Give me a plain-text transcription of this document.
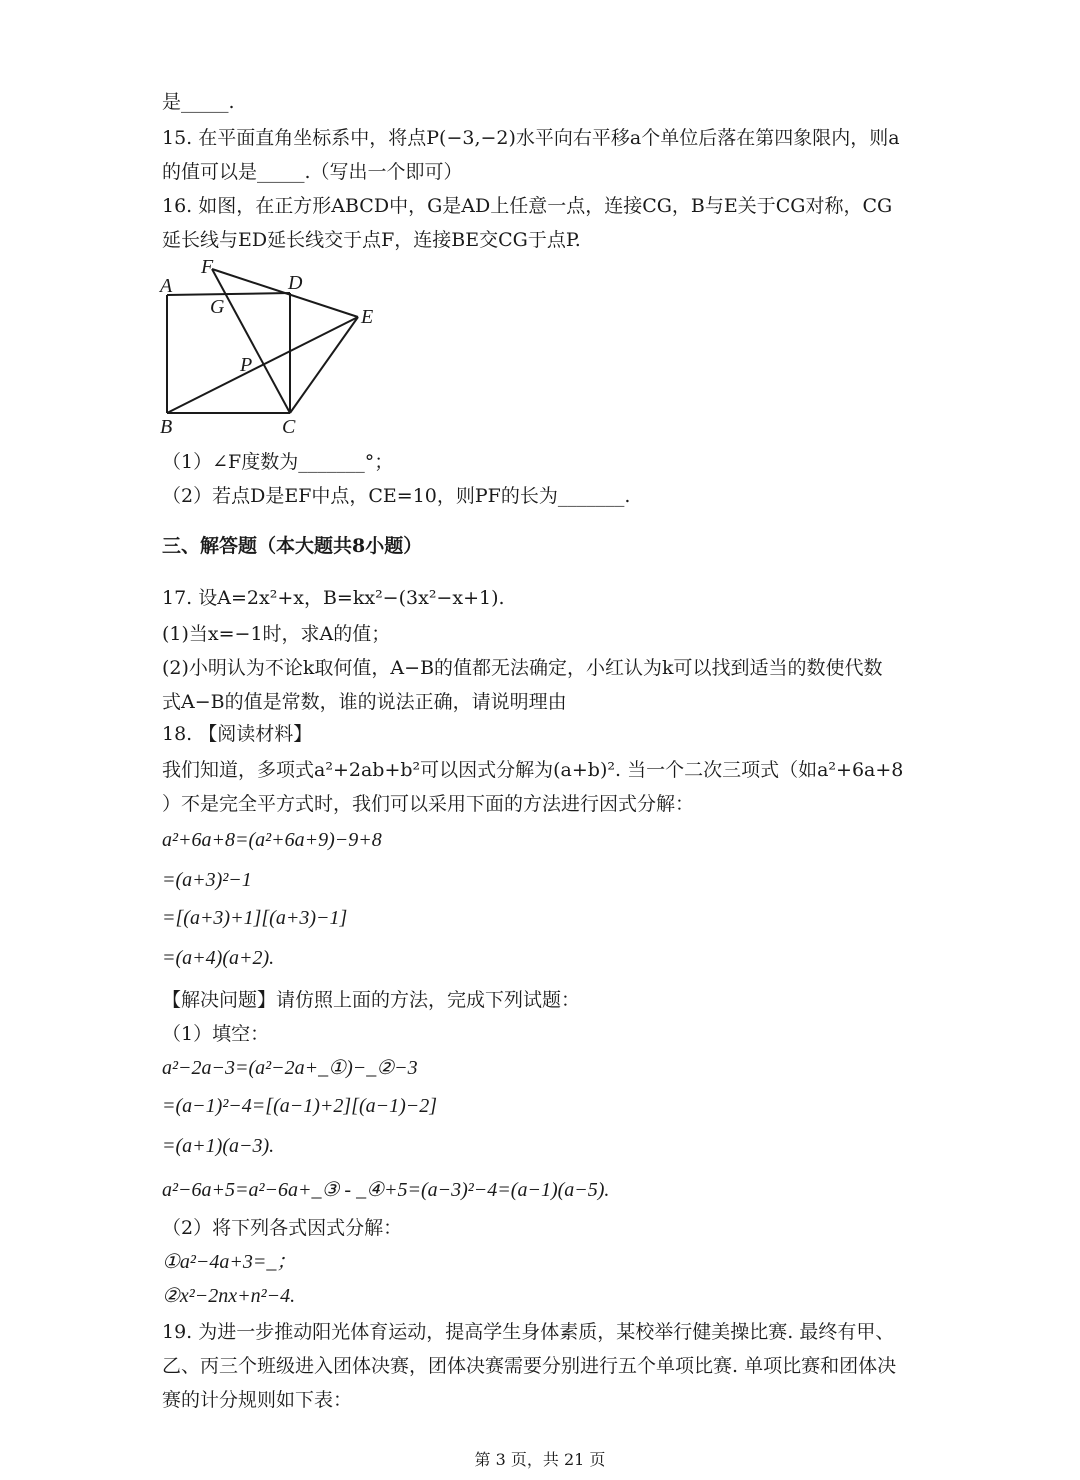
是_____.
15. 在平面直角坐标系中，将点P(−3,−2)水平向右平移a个单位后落在第四象限内，则a
的值可以是_____.（写出一个即可）
16. 如图，在正方形ABCD中，G是AD上任意一点，连接CG，B与E关于CG对称，CG
延长线与ED延长线交于点F，连接BE交CG于点P.
A
B	C
D
E
F
G
P
（1）∠F度数为_______°；
（2）若点D是EF中点，CE=10，则PF的长为_______.
三、解答题（本大题共8小题）
17. 设A=2x²+x，B=kx²−(3x²−x+1).
(1)当x=−1时，求A的值；
(2)小明认为不论k取何值，A−B的值都无法确定，小红认为k可以找到适当的数使代数
式A−B的值是常数，谁的说法正确，请说明理由
18. 【阅读材料】
我们知道，多项式a²+2ab+b²可以因式分解为(a+b)². 当一个二次三项式（如a²+6a+8
）不是完全平方式时，我们可以采用下面的方法进行因式分解：
a²+6a+8=(a²+6a+9)−9+8
=(a+3)²−1
=[(a+3)+1][(a+3)−1]
=(a+4)(a+2).
【解决问题】请仿照上面的方法，完成下列试题：
（1）填空：
a²−2a−3=(a²−2a+_①)−_②−3
=(a−1)²−4=[(a−1)+2][(a−1)−2]
=(a+1)(a−3).
a²−6a+5=a²−6a+_③ - _④+5=(a−3)²−4=(a−1)(a−5).
（2）将下列各式因式分解：
①a²−4a+3=_；
②x²−2nx+n²−4.
19. 为进一步推动阳光体育运动，提高学生身体素质，某校举行健美操比赛. 最终有甲、
乙、丙三个班级进入团体决赛，团体决赛需要分别进行五个单项比赛. 单项比赛和团体决
赛的计分规则如下表：
第 3 页，共 21 页
